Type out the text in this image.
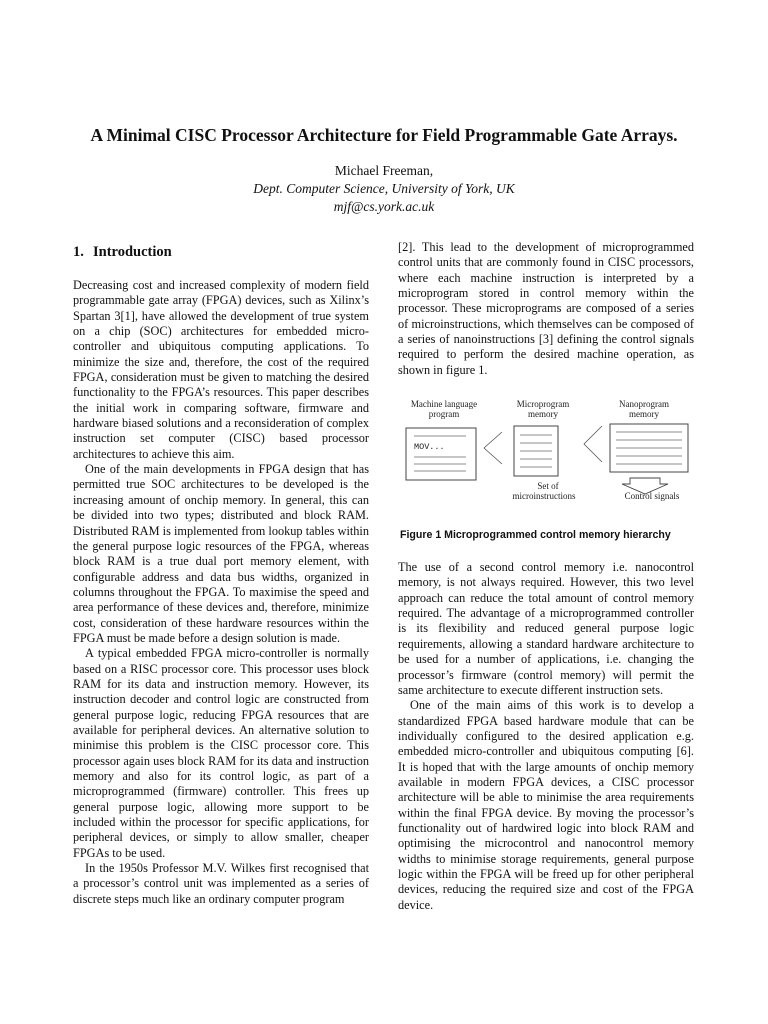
A Minimal CISC Processor Architecture for Field Programmable Gate Arrays.
Michael Freeman,
Dept. Computer Science, University of York, UK
mjf@cs.york.ac.uk
1. Introduction

Decreasing cost and increased complexity of modern field programmable gate array (FPGA) devices, such as Xilinx’s Spartan 3[1], have allowed the development of true system on a chip (SOC) architectures for embedded micro-controller and ubiquitous computing applications. To minimize the size and, therefore, the cost of the required FPGA, consideration must be given to matching the desired functionality to the FPGA’s resources. This paper describes the initial work in comparing software, firmware and hardware biased solutions and a reconsideration of complex instruction set computer (CISC) based processor architectures to achieve this aim.

One of the main developments in FPGA design that has permitted true SOC architectures to be developed is the increasing amount of onchip memory. In general, this can be divided into two types; distributed and block RAM. Distributed RAM is implemented from lookup tables within the general purpose logic resources of the FPGA, whereas block RAM is a true dual port memory element, with configurable address and data bus widths, organized in columns throughout the FPGA. To maximise the speed and area performance of these devices and, therefore, minimize cost, consideration of these hardware resources within the FPGA must be made before a design solution is made.

A typical embedded FPGA micro-controller is normally based on a RISC processor core. This processor uses block RAM for its data and instruction memory. However, its instruction decoder and control logic are constructed from general purpose logic, reducing FPGA resources that are available for peripheral devices. An alternative solution to minimise this problem is the CISC processor core. This processor again uses block RAM for its data and instruction memory and also for its control logic, as part of a microprogrammed (firmware) controller. This frees up general purpose logic, allowing more support to be included within the processor for specific applications, for peripheral devices, or simply to allow smaller, cheaper FPGAs to be used.

In the 1950s Professor M.V. Wilkes first recognised that a processor’s control unit was implemented as a series of discrete steps much like an ordinary computer program

[2]. This lead to the development of microprogrammed control units that are commonly found in CISC processors, where each machine instruction is interpreted by a microprogram stored in control memory within the processor. These microprograms are composed of a series of microinstructions, which themselves can be composed of a series of nanoinstructions [3] defining the control signals required to perform the desired machine operation, as shown in figure 1.

Machine language
program
Microprogram
memory
Nanoprogram
memory
MOV...
Set of
microinstructions	Control signals
Figure 1 Microprogrammed control memory hierarchy

The use of a second control memory i.e. nanocontrol memory, is not always required. However, this two level approach can reduce the total amount of control memory required. The advantage of a microprogrammed controller is its flexibility and reduced general purpose logic requirements, allowing a standard hardware architecture to be used for a number of applications, i.e. changing the processor’s firmware (control memory) will permit the same architecture to execute different instruction sets.

One of the main aims of this work is to develop a standardized FPGA based hardware module that can be individually configured to the desired application e.g. embedded micro-controller and ubiquitous computing [6]. It is hoped that with the large amounts of onchip memory available in modern FPGA devices, a CISC processor architecture will be able to minimise the area requirements within the final FPGA device. By moving the processor’s functionality out of hardwired logic into block RAM and optimising the microcontrol and nanocontrol memory widths to minimise storage requirements, general purpose logic within the FPGA will be freed up for other peripheral devices, reducing the required size and cost of the FPGA device.
